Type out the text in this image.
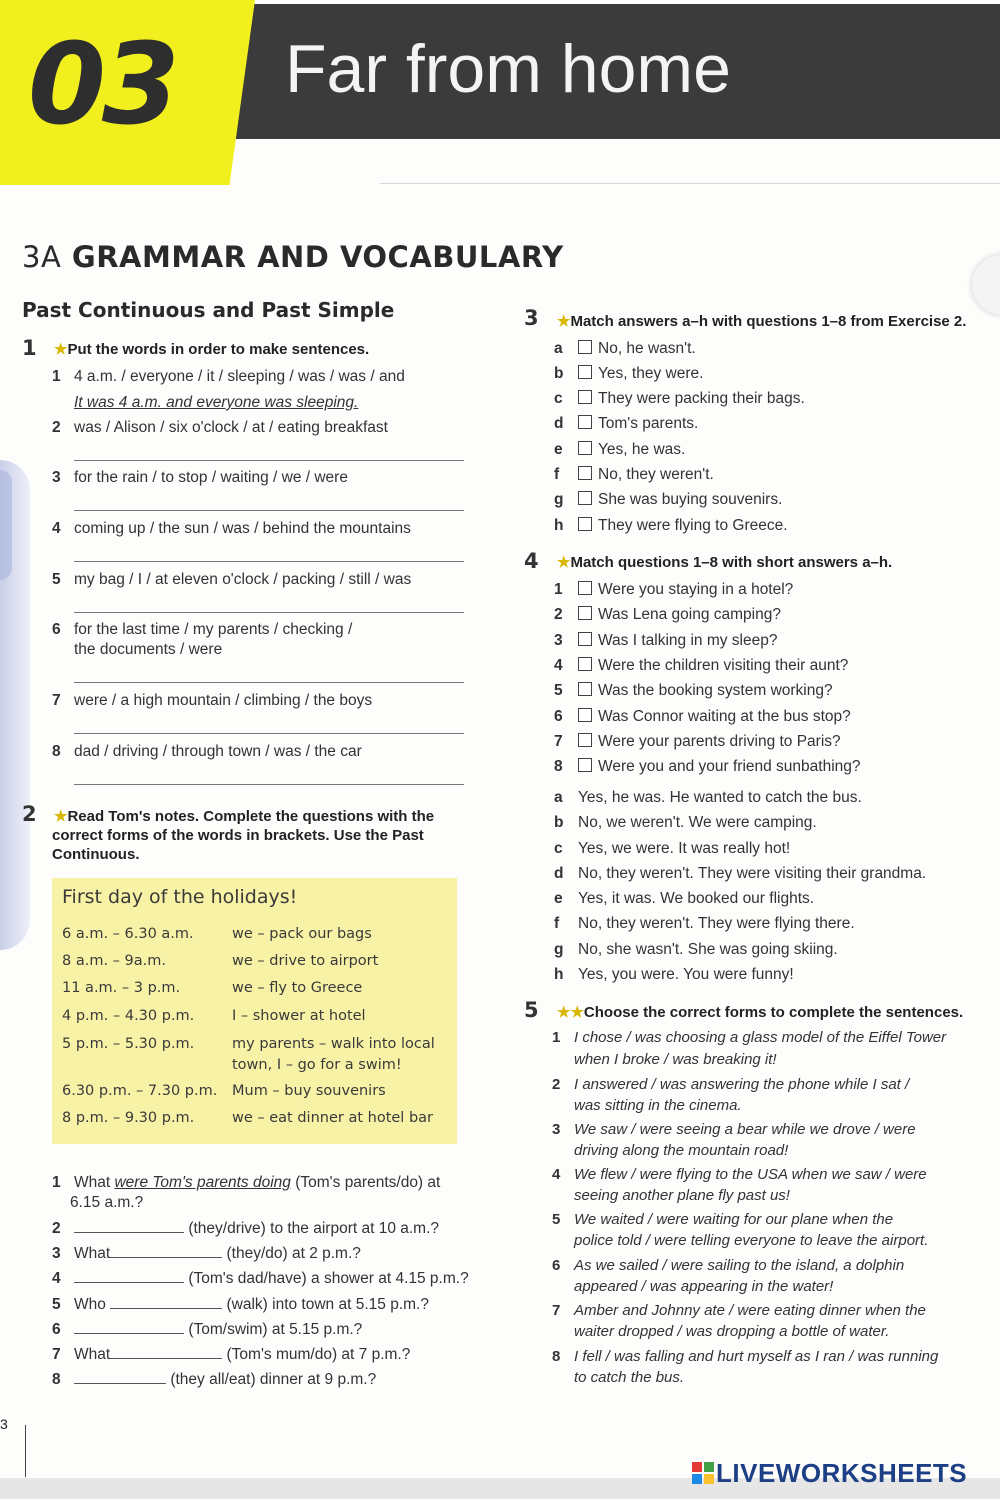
03 Far from home
3A GRAMMAR AND VOCABULARY
Past Continuous and Past Simple
1 ★Put the words in order to make sentences.
1 4 a.m. / everyone / it / sleeping / was / was / and
It was 4 a.m. and everyone was sleeping.
2 was / Alison / six o'clock / at / eating breakfast
3 for the rain / to stop / waiting / we / were
4 coming up / the sun / was / behind the mountains
5 my bag / I / at eleven o'clock / packing / still / was
6 for the last time / my parents / checking /
the documents / were
7 were / a high mountain / climbing / the boys
8 dad / driving / through town / was / the car
2 ★Read Tom's notes. Complete the questions with the
correct forms of the words in brackets. Use the Past
Continuous.
First day of the holidays!
6 a.m. – 6.30 a.m.	we – pack our bags
8 a.m. – 9a.m.	we – drive to airport
11 a.m. – 3 p.m.	we – fly to Greece
4 p.m. – 4.30 p.m.	I – shower at hotel
5 p.m. – 5.30 p.m.	my parents – walk into local
town, I – go for a swim!
6.30 p.m. – 7.30 p.m. Mum – buy souvenirs
8 p.m. – 9.30 p.m.	we – eat dinner at hotel bar
1 What were Tom's parents doing (Tom's parents/do) at
6.15 a.m.?
2	(they/drive) to the airport at 10 a.m.?
3 What	(they/do) at 2 p.m.?
4	(Tom's dad/have) a shower at 4.15 p.m.?
5 Who	(walk) into town at 5.15 p.m.?
6	(Tom/swim) at 5.15 p.m.?
7 What	(Tom's mum/do) at 7 p.m.?
8	(they all/eat) dinner at 9 p.m.?
3 ★Match answers a–h with questions 1–8 from Exercise 2.
a No, he wasn't.
b Yes, they were.
c They were packing their bags.
d Tom's parents.
e Yes, he was.
f	No, they weren't.
g She was buying souvenirs.
h They were flying to Greece.
4 ★Match questions 1–8 with short answers a–h.
1 Were you staying in a hotel?
2 Was Lena going camping?
3 Was I talking in my sleep?
4 Were the children visiting their aunt?
5 Was the booking system working?
6 Was Connor waiting at the bus stop?
7 Were your parents driving to Paris?
8 Were you and your friend sunbathing?
a Yes, he was. He wanted to catch the bus.
b No, we weren't. We were camping.
c Yes, we were. It was really hot!
d No, they weren't. They were visiting their grandma.
e Yes, it was. We booked our flights.
f No, they weren't. They were flying there.
g No, she wasn't. She was going skiing.
h Yes, you were. You were funny!
5 ★★Choose the correct forms to complete the sentences.
1 I chose / was choosing a glass model of the Eiffel Tower
when I broke / was breaking it!
2 I answered / was answering the phone while I sat /
was sitting in the cinema.
3 We saw / were seeing a bear while we drove / were
driving along the mountain road!
4 We flew / were flying to the USA when we saw / were
seeing another plane fly past us!
5 We waited / were waiting for our plane when the
police told / were telling everyone to leave the airport.
6 As we sailed / were sailing to the island, a dolphin
appeared / was appearing in the water!
7 Amber and Johnny ate / were eating dinner when the
waiter dropped / was dropping a bottle of water.
8 I fell / was falling and hurt myself as I ran / was running
to catch the bus.
3
LIVEWORKSHEETS
